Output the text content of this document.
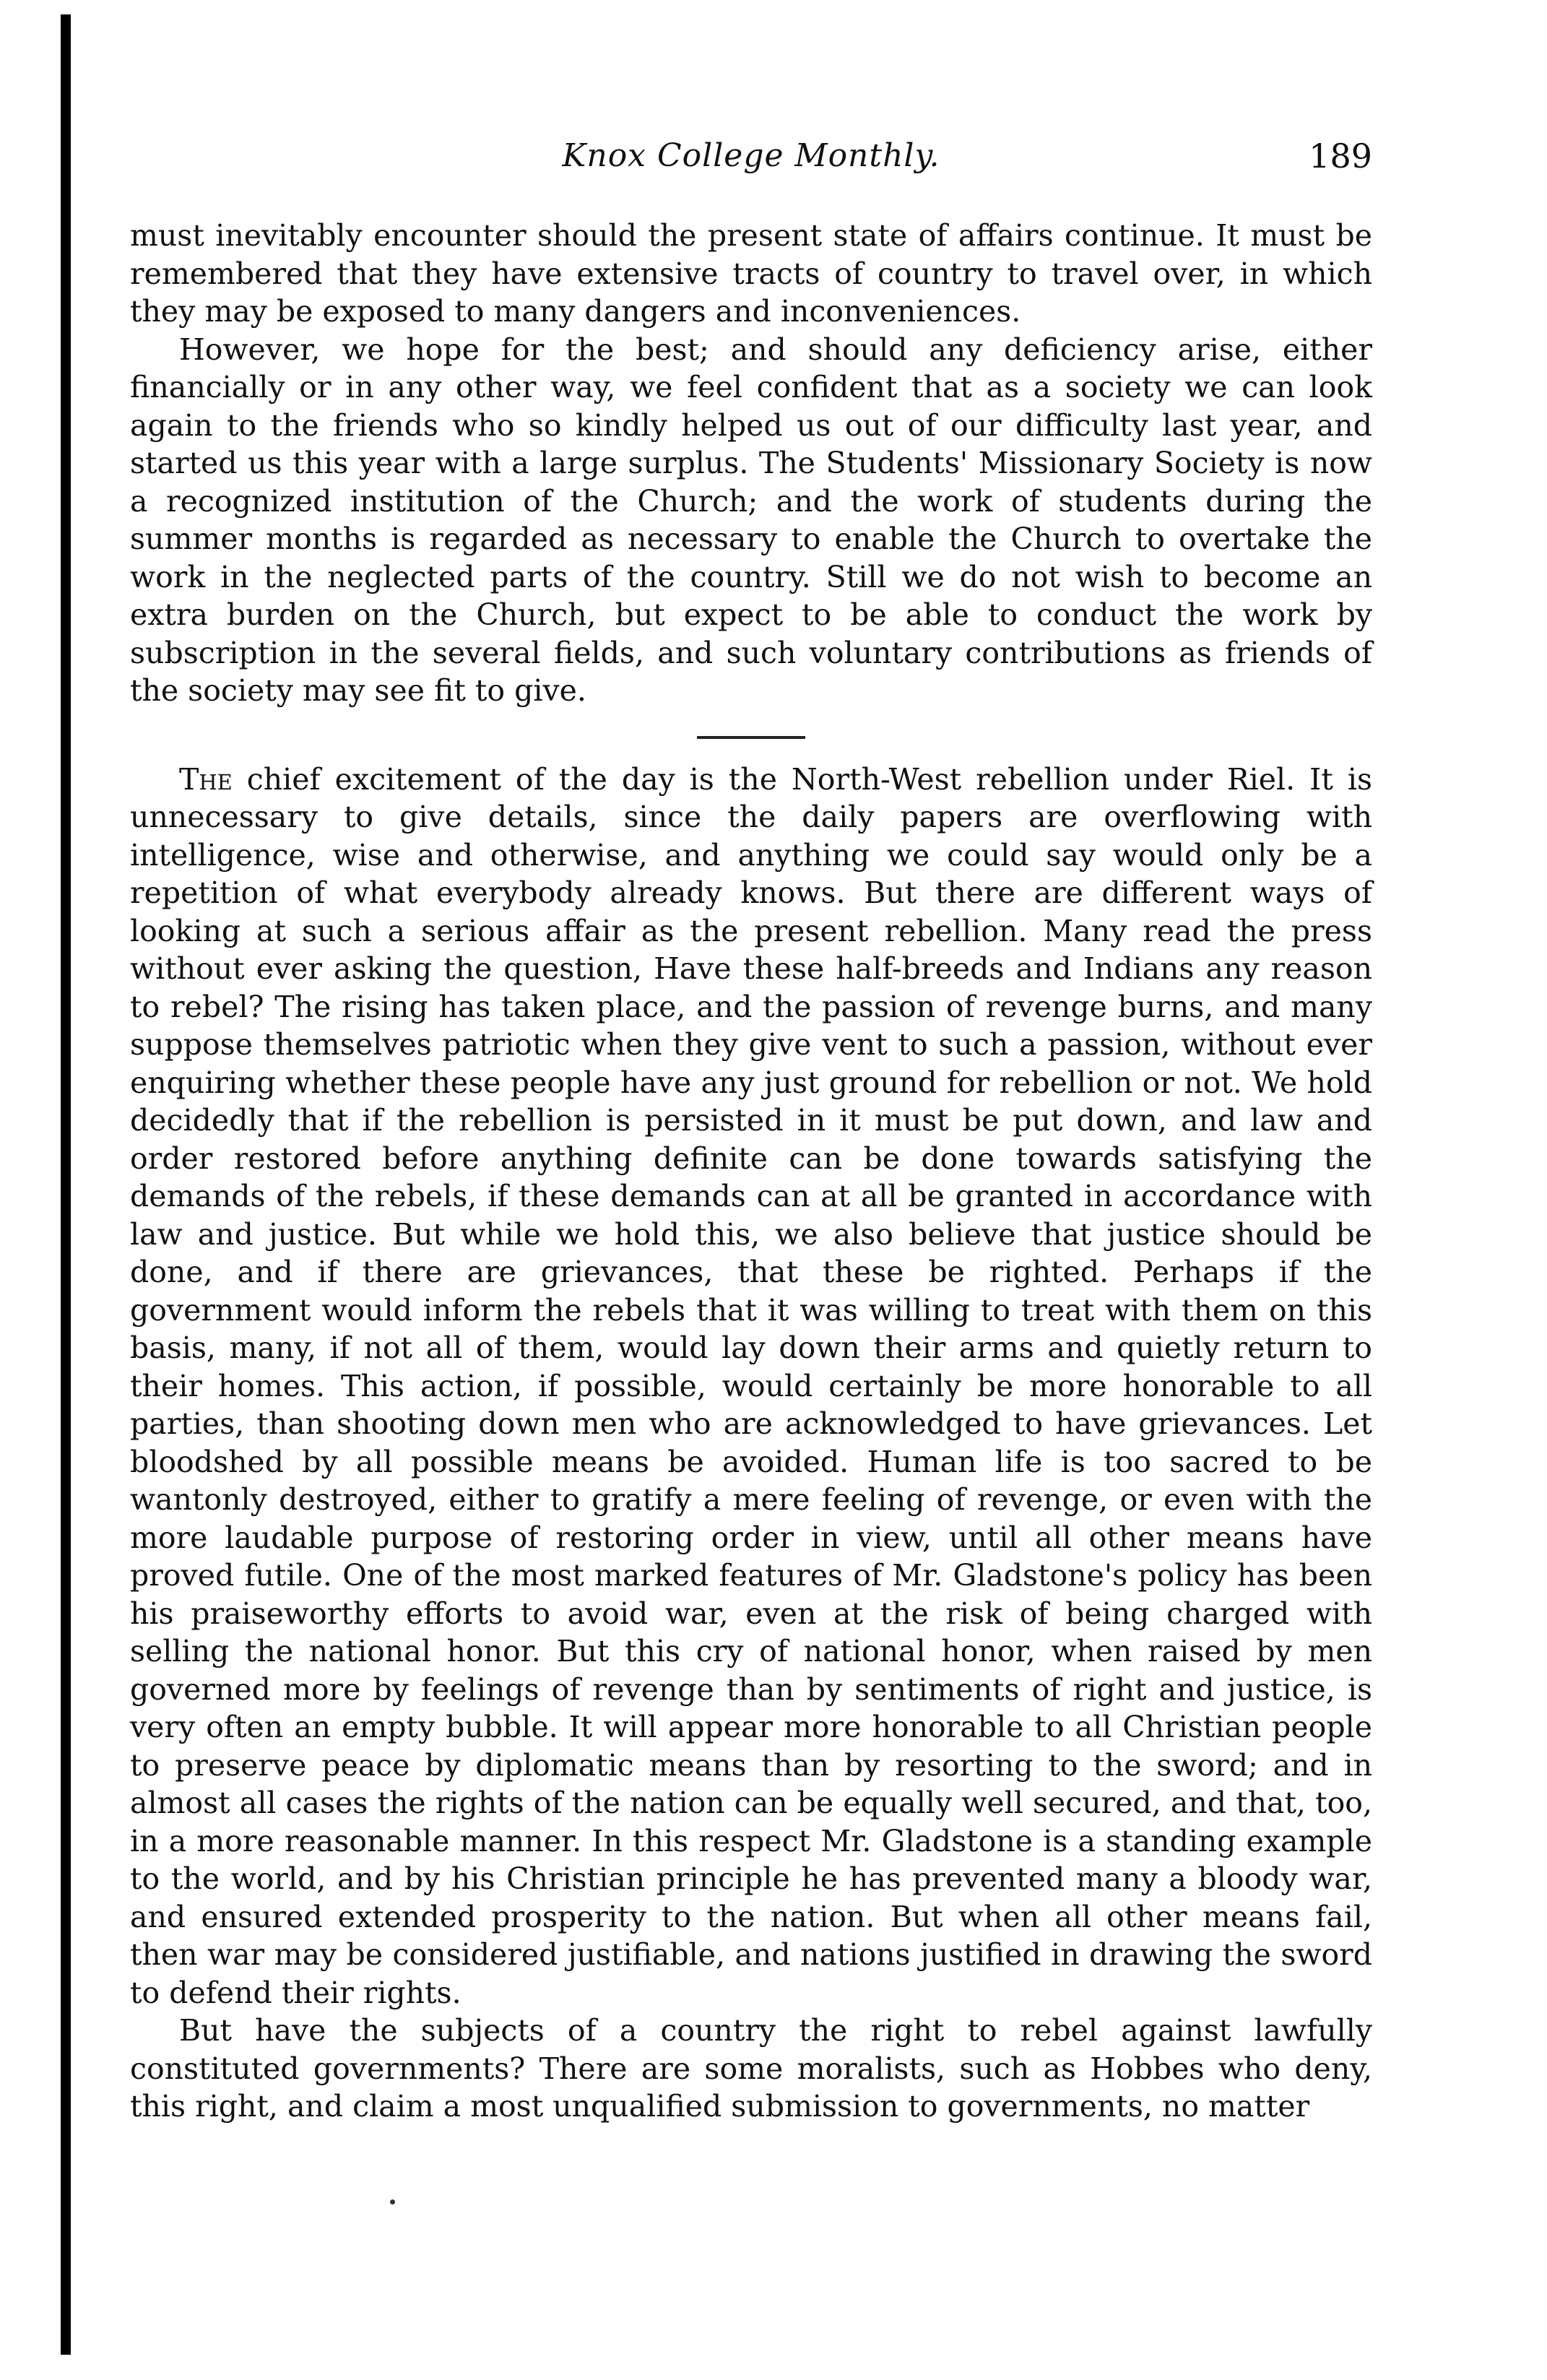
Knox College Monthly.	189

must inevitably encounter should the present state of affairs continue. It must be remembered that they have extensive tracts of country to travel over, in which they may be exposed to many dangers and inconveniences.

However, we hope for the best; and should any deficiency arise, either financially or in any other way, we feel confident that as a society we can look again to the friends who so kindly helped us out of our difficulty last year, and started us this year with a large surplus. The Students' Missionary Society is now a recognized institution of the Church; and the work of students during the summer months is regarded as necessary to enable the Church to overtake the work in the neglected parts of the country. Still we do not wish to become an extra burden on the Church, but expect to be able to conduct the work by subscription in the several fields, and such voluntary contributions as friends of the society may see fit to give.

The chief excitement of the day is the North-West rebellion under Riel. It is unnecessary to give details, since the daily papers are overflowing with intelligence, wise and otherwise, and anything we could say would only be a repetition of what everybody already knows. But there are different ways of looking at such a serious affair as the present rebellion. Many read the press without ever asking the question, Have these half-breeds and Indians any reason to rebel? The rising has taken place, and the passion of revenge burns, and many suppose themselves patriotic when they give vent to such a passion, without ever enquiring whether these people have any just ground for rebellion or not. We hold decidedly that if the rebellion is persisted in it must be put down, and law and order restored before anything definite can be done towards satisfying the demands of the rebels, if these demands can at all be granted in accordance with law and justice. But while we hold this, we also believe that justice should be done, and if there are grievances, that these be righted. Perhaps if the government would inform the rebels that it was willing to treat with them on this basis, many, if not all of them, would lay down their arms and quietly return to their homes. This action, if possible, would certainly be more honorable to all parties, than shooting down men who are acknowledged to have grievances. Let bloodshed by all possible means be avoided. Human life is too sacred to be wantonly destroyed, either to gratify a mere feeling of revenge, or even with the more laudable purpose of restoring order in view, until all other means have proved futile. One of the most marked features of Mr. Gladstone's policy has been his praiseworthy efforts to avoid war, even at the risk of being charged with selling the national honor. But this cry of national honor, when raised by men governed more by feelings of revenge than by sentiments of right and justice, is very often an empty bubble. It will appear more honorable to all Christian people to preserve peace by diplomatic means than by resorting to the sword; and in almost all cases the rights of the nation can be equally well secured, and that, too, in a more reasonable manner. In this respect Mr. Gladstone is a standing example to the world, and by his Christian principle he has prevented many a bloody war, and ensured extended prosperity to the nation. But when all other means fail, then war may be considered justifiable, and nations justified in drawing the sword to defend their rights.

But have the subjects of a country the right to rebel against lawfully constituted governments? There are some moralists, such as Hobbes who deny, this right, and claim a most unqualified submission to governments, no matter
